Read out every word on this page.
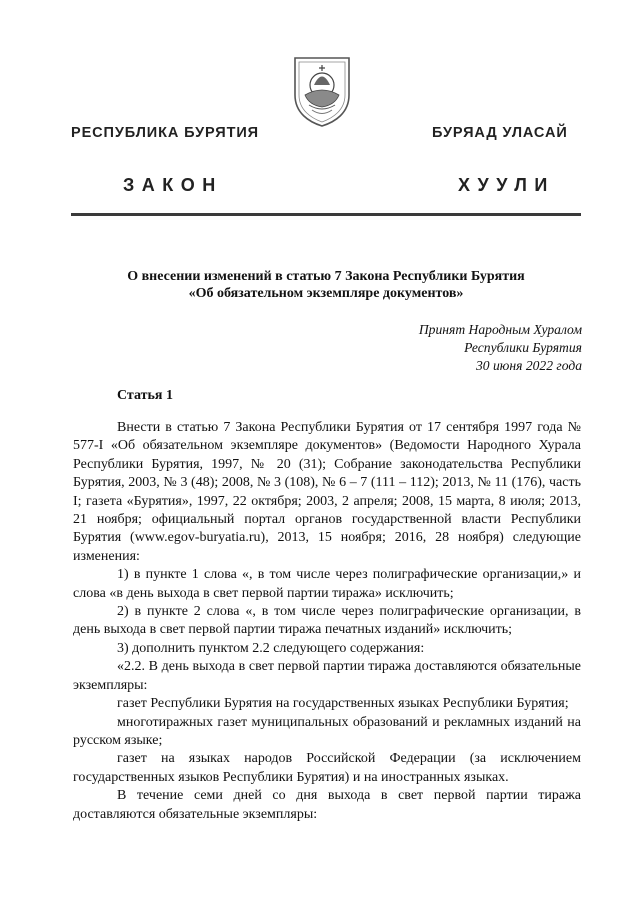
РЕСПУБЛИКА БУРЯТИЯ	БУРЯАД УЛАСАЙ
ЗАКОН	ХУУЛИ
О внесении изменений в статью 7 Закона Республики Бурятия
«Об обязательном экземпляре документов»
Принят Народным Хуралом
Республики Бурятия
30 июня 2022 года
Статья 1

Внести в статью 7 Закона Республики Бурятия от 17 сентября 1997 года № 577-I «Об обязательном экземпляре документов» (Ведомости Народного Хурала Республики Бурятия, 1997, № 20 (31); Собрание законодательства Республики Бурятия, 2003, № 3 (48); 2008, № 3 (108), № 6 – 7 (111 – 112); 2013, № 11 (176), часть I; газета «Бурятия», 1997, 22 октября; 2003, 2 апреля; 2008, 15 марта, 8 июля; 2013, 21 ноября; официальный портал органов государственной власти Республики Бурятия (www.egov-buryatia.ru), 2013, 15 ноября; 2016, 28 ноября) следующие изменения:

1) в пункте 1 слова «, в том числе через полиграфические организации,» и слова «в день выхода в свет первой партии тиража» исключить;

2) в пункте 2 слова «, в том числе через полиграфические организации, в день выхода в свет первой партии тиража печатных изданий» исключить;

3) дополнить пунктом 2.2 следующего содержания:

«2.2. В день выхода в свет первой партии тиража доставляются обязательные экземпляры:

газет Республики Бурятия на государственных языках Республики Бурятия;

многотиражных газет муниципальных образований и рекламных изданий на русском языке;

газет на языках народов Российской Федерации (за исключением государственных языков Республики Бурятия) и на иностранных языках.

В течение семи дней со дня выхода в свет первой партии тиража доставляются обязательные экземпляры:
